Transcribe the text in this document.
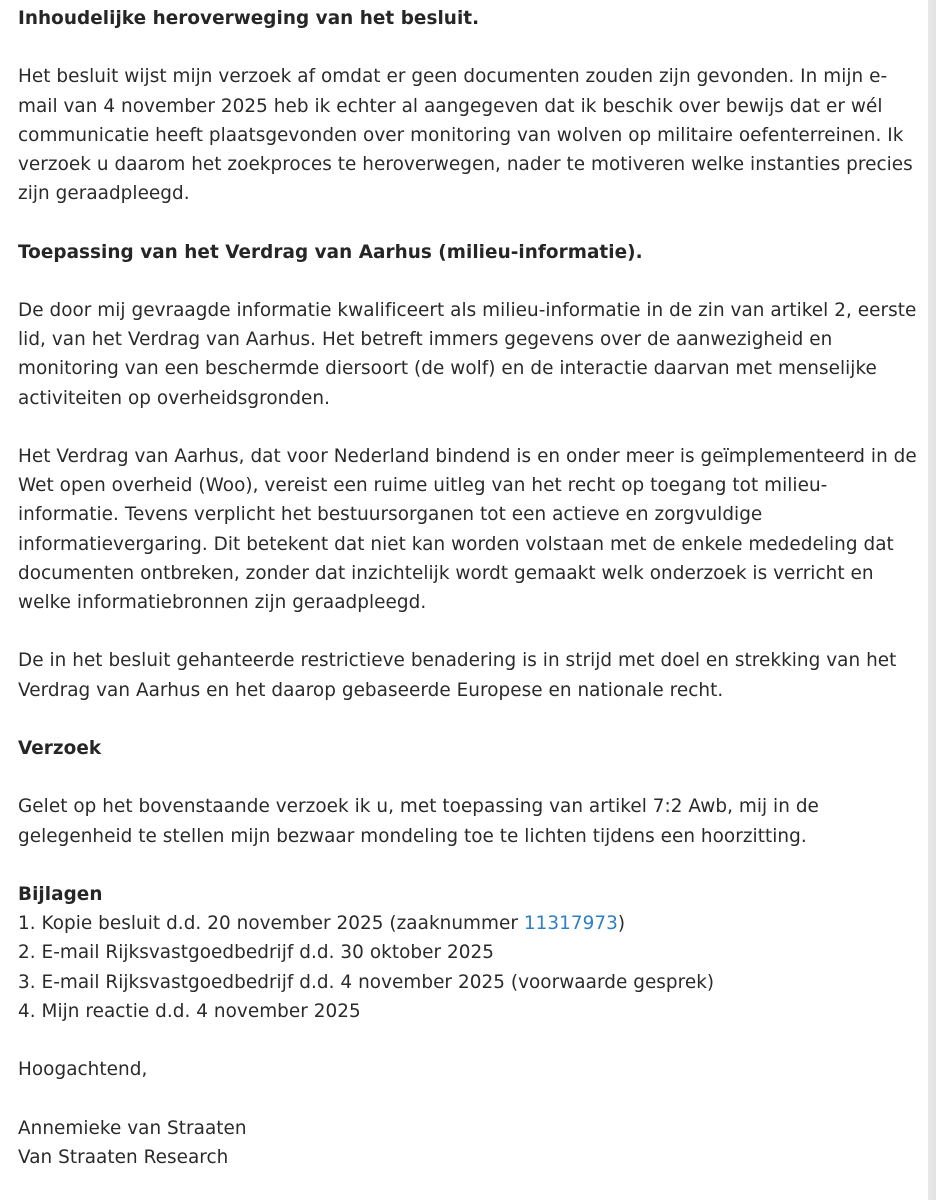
Inhoudelijke heroverweging van het besluit.

Het besluit wijst mijn verzoek af omdat er geen documenten zouden zijn gevonden. In mijn e-mail van 4 november 2025 heb ik echter al aangegeven dat ik beschik over bewijs dat er wél communicatie heeft plaatsgevonden over monitoring van wolven op militaire oefenterreinen. Ik verzoek u daarom het zoekproces te heroverwegen, nader te motiveren welke instanties precies zijn geraadpleegd.

Toepassing van het Verdrag van Aarhus (milieu-informatie).

De door mij gevraagde informatie kwalificeert als milieu-informatie in de zin van artikel 2, eerste lid, van het Verdrag van Aarhus. Het betreft immers gegevens over de aanwezigheid en monitoring van een beschermde diersoort (de wolf) en de interactie daarvan met menselijke activiteiten op overheidsgronden.

Het Verdrag van Aarhus, dat voor Nederland bindend is en onder meer is geïmplementeerd in de Wet open overheid (Woo), vereist een ruime uitleg van het recht op toegang tot milieu-informatie. Tevens verplicht het bestuursorganen tot een actieve en zorgvuldige informatievergaring. Dit betekent dat niet kan worden volstaan met de enkele mededeling dat documenten ontbreken, zonder dat inzichtelijk wordt gemaakt welk onderzoek is verricht en welke informatiebronnen zijn geraadpleegd.

De in het besluit gehanteerde restrictieve benadering is in strijd met doel en strekking van het Verdrag van Aarhus en het daarop gebaseerde Europese en nationale recht.

Verzoek

Gelet op het bovenstaande verzoek ik u, met toepassing van artikel 7:2 Awb, mij in de gelegenheid te stellen mijn bezwaar mondeling toe te lichten tijdens een hoorzitting.

Bijlagen
1. Kopie besluit d.d. 20 november 2025 (zaaknummer 11317973)
2. E-mail Rijksvastgoedbedrijf d.d. 30 oktober 2025
3. E-mail Rijksvastgoedbedrijf d.d. 4 november 2025 (voorwaarde gesprek)
4. Mijn reactie d.d. 4 november 2025

Hoogachtend,

Annemieke van Straaten
Van Straaten Research
